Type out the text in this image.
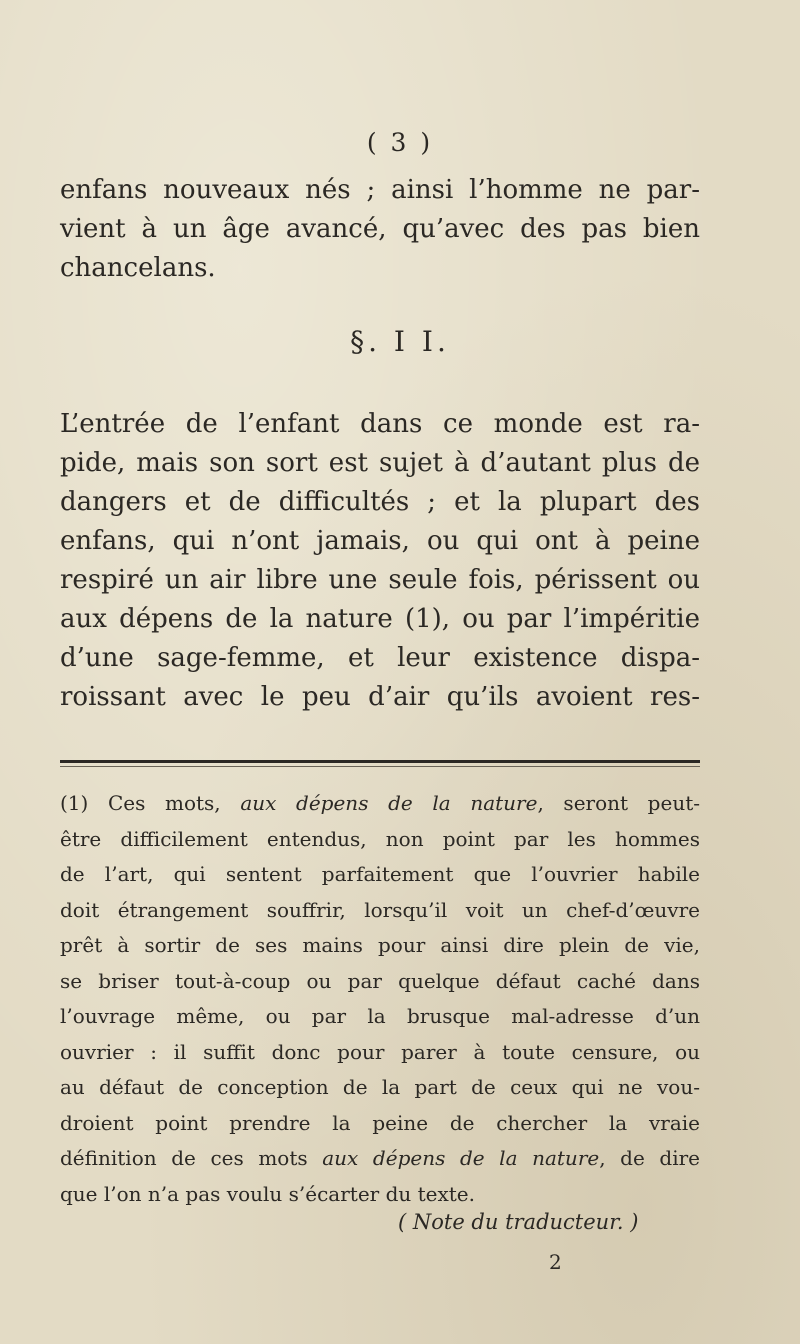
( 3 )

enfans nouveaux nés ; ainsi l’homme ne par-
vient à un âge avancé, qu’avec des pas bien
chancelans.

§. I I.

L’entrée de l’enfant dans ce monde est ra-
pide, mais son sort est sujet à d’autant plus de
dangers et de difficultés ; et la plupart des
enfans, qui n’ont jamais, ou qui ont à peine
respiré un air libre une seule fois, périssent ou
aux dépens de la nature (1), ou par l’impéritie
d’une sage-femme, et leur existence dispa-
roissant avec le peu d’air qu’ils avoient res-

(1) Ces mots, aux dépens de la nature, seront peut-
être difficilement entendus, non point par les hommes
de l’art, qui sentent parfaitement que l’ouvrier habile
doit étrangement souffrir, lorsqu’il voit un chef-d’œuvre
prêt à sortir de ses mains pour ainsi dire plein de vie,
se briser tout-à-coup ou par quelque défaut caché dans
l’ouvrage même, ou par la brusque mal-adresse d’un
ouvrier : il suffit donc pour parer à toute censure, ou
au défaut de conception de la part de ceux qui ne vou-
droient point prendre la peine de chercher la vraie
définition de ces mots aux dépens de la nature, de dire
que l’on n’a pas voulu s’écarter du texte.

( Note du traducteur. )
2
